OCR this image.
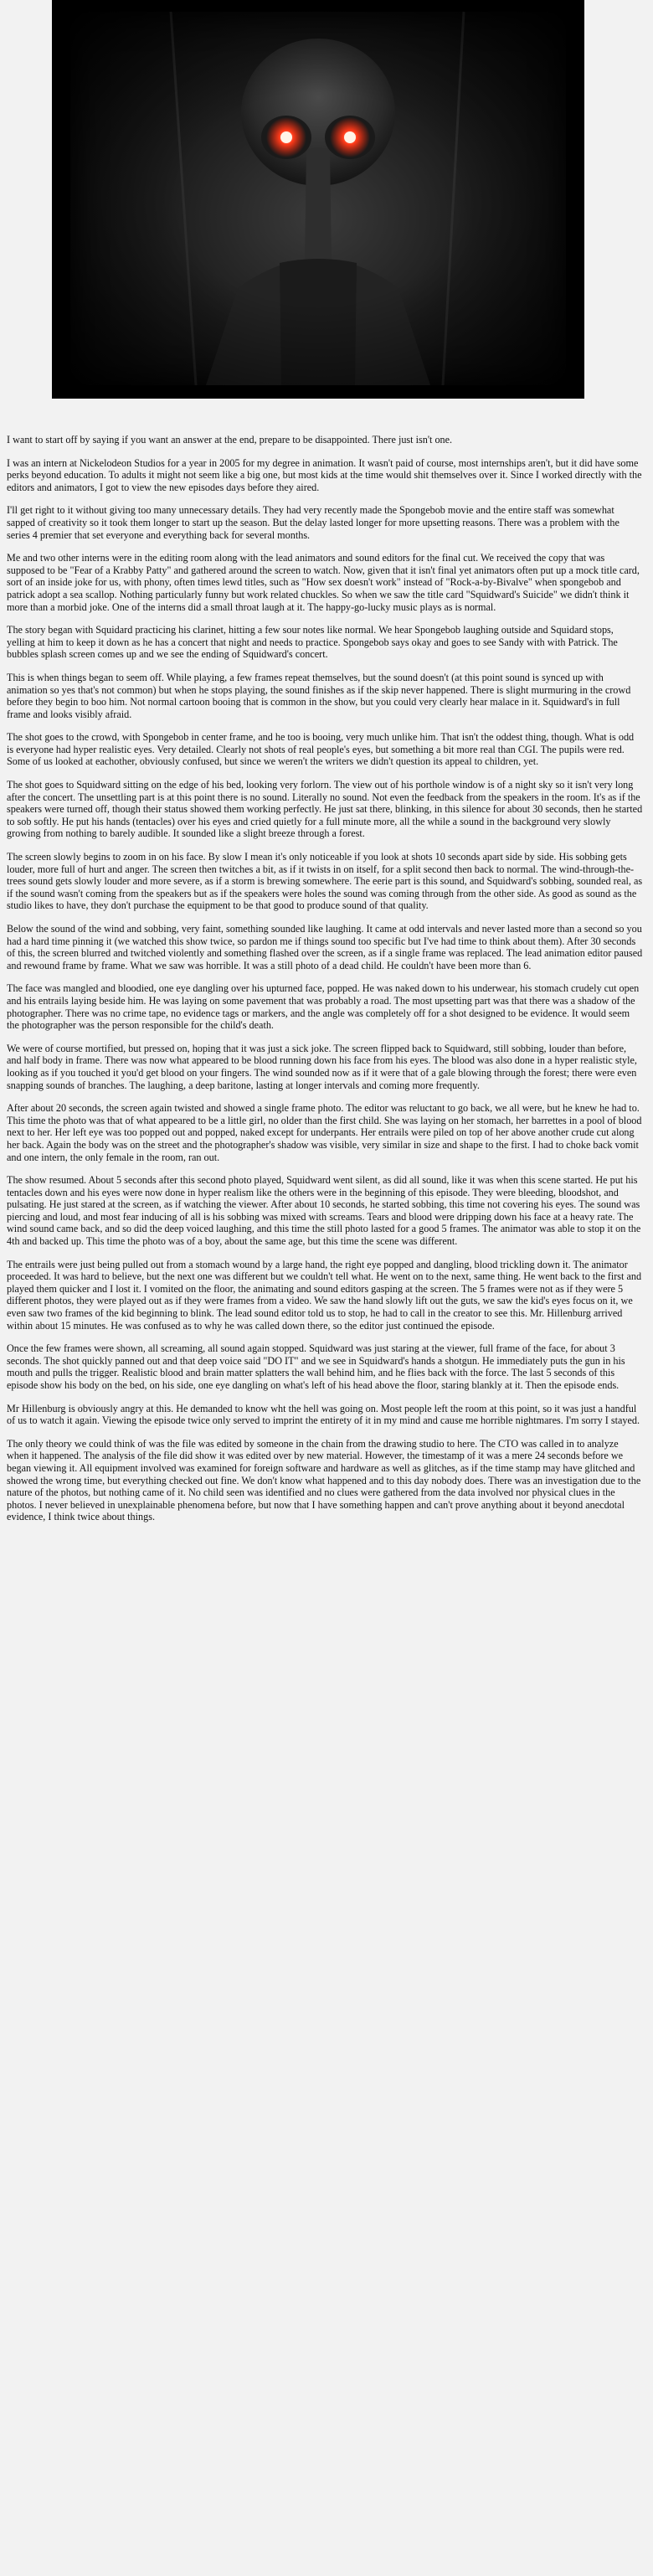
I want to start off by saying if you want an answer at the end, prepare to be disappointed. There just isn't one.

I was an intern at Nickelodeon Studios for a year in 2005 for my degree in animation. It wasn't paid of course, most internships aren't, but it did have some perks beyond education. To adults it might not seem like a big one, but most kids at the time would shit themselves over it. Since I worked directly with the editors and animators, I got to view the new episodes days before they aired.

I'll get right to it without giving too many unnecessary details. They had very recently made the Spongebob movie and the entire staff was somewhat sapped of creativity so it took them longer to start up the season. But the delay lasted longer for more upsetting reasons. There was a problem with the series 4 premier that set everyone and everything back for several months.

Me and two other interns were in the editing room along with the lead animators and sound editors for the final cut. We received the copy that was supposed to be "Fear of a Krabby Patty" and gathered around the screen to watch. Now, given that it isn't final yet animators often put up a mock title card, sort of an inside joke for us, with phony, often times lewd titles, such as "How sex doesn't work" instead of "Rock-a-by-Bivalve" when spongebob and patrick adopt a sea scallop. Nothing particularly funny but work related chuckles. So when we saw the title card "Squidward's Suicide" we didn't think it more than a morbid joke. One of the interns did a small throat laugh at it. The happy-go-lucky music plays as is normal.

The story began with Squidard practicing his clarinet, hitting a few sour notes like normal. We hear Spongebob laughing outside and Squidard stops, yelling at him to keep it down as he has a concert that night and needs to practice. Spongebob says okay and goes to see Sandy with with Patrick. The bubbles splash screen comes up and we see the ending of Squidward's concert.

This is when things began to seem off. While playing, a few frames repeat themselves, but the sound doesn't (at this point sound is synced up with animation so yes that's not common) but when he stops playing, the sound finishes as if the skip never happened. There is slight murmuring in the crowd before they begin to boo him. Not normal cartoon booing that is common in the show, but you could very clearly hear malace in it. Squidward's in full frame and looks visibly afraid.

The shot goes to the crowd, with Spongebob in center frame, and he too is booing, very much unlike him. That isn't the oddest thing, though. What is odd is everyone had hyper realistic eyes. Very detailed. Clearly not shots of real people's eyes, but something a bit more real than CGI. The pupils were red. Some of us looked at eachother, obviously confused, but since we weren't the writers we didn't question its appeal to children, yet.

The shot goes to Squidward sitting on the edge of his bed, looking very forlorn. The view out of his porthole window is of a night sky so it isn't very long after the concert. The unsettling part is at this point there is no sound. Literally no sound. Not even the feedback from the speakers in the room. It's as if the speakers were turned off, though their status showed them working perfectly. He just sat there, blinking, in this silence for about 30 seconds, then he started to sob softly. He put his hands (tentacles) over his eyes and cried quietly for a full minute more, all the while a sound in the background very slowly growing from nothing to barely audible. It sounded like a slight breeze through a forest.

The screen slowly begins to zoom in on his face. By slow I mean it's only noticeable if you look at shots 10 seconds apart side by side. His sobbing gets louder, more full of hurt and anger. The screen then twitches a bit, as if it twists in on itself, for a split second then back to normal. The wind-through-the-trees sound gets slowly louder and more severe, as if a storm is brewing somewhere. The eerie part is this sound, and Squidward's sobbing, sounded real, as if the sound wasn't coming from the speakers but as if the speakers were holes the sound was coming through from the other side. As good as sound as the studio likes to have, they don't purchase the equipment to be that good to produce sound of that quality.

Below the sound of the wind and sobbing, very faint, something sounded like laughing. It came at odd intervals and never lasted more than a second so you had a hard time pinning it (we watched this show twice, so pardon me if things sound too specific but I've had time to think about them). After 30 seconds of this, the screen blurred and twitched violently and something flashed over the screen, as if a single frame was replaced. The lead animation editor paused and rewound frame by frame. What we saw was horrible. It was a still photo of a dead child. He couldn't have been more than 6.

The face was mangled and bloodied, one eye dangling over his upturned face, popped. He was naked down to his underwear, his stomach crudely cut open and his entrails laying beside him. He was laying on some pavement that was probably a road. The most upsetting part was that there was a shadow of the photographer. There was no crime tape, no evidence tags or markers, and the angle was completely off for a shot designed to be evidence. It would seem the photographer was the person responsible for the child's death.

We were of course mortified, but pressed on, hoping that it was just a sick joke. The screen flipped back to Squidward, still sobbing, louder than before, and half body in frame. There was now what appeared to be blood running down his face from his eyes. The blood was also done in a hyper realistic style, looking as if you touched it you'd get blood on your fingers. The wind sounded now as if it were that of a gale blowing through the forest; there were even snapping sounds of branches. The laughing, a deep baritone, lasting at longer intervals and coming more frequently.

After about 20 seconds, the screen again twisted and showed a single frame photo. The editor was reluctant to go back, we all were, but he knew he had to. This time the photo was that of what appeared to be a little girl, no older than the first child. She was laying on her stomach, her barrettes in a pool of blood next to her. Her left eye was too popped out and popped, naked except for underpants. Her entrails were piled on top of her above another crude cut along her back. Again the body was on the street and the photographer's shadow was visible, very similar in size and shape to the first. I had to choke back vomit and one intern, the only female in the room, ran out.

The show resumed. About 5 seconds after this second photo played, Squidward went silent, as did all sound, like it was when this scene started. He put his tentacles down and his eyes were now done in hyper realism like the others were in the beginning of this episode. They were bleeding, bloodshot, and pulsating. He just stared at the screen, as if watching the viewer. After about 10 seconds, he started sobbing, this time not covering his eyes. The sound was piercing and loud, and most fear inducing of all is his sobbing was mixed with screams. Tears and blood were dripping down his face at a heavy rate. The wind sound came back, and so did the deep voiced laughing, and this time the still photo lasted for a good 5 frames. The animator was able to stop it on the 4th and backed up. This time the photo was of a boy, about the same age, but this time the scene was different.

The entrails were just being pulled out from a stomach wound by a large hand, the right eye popped and dangling, blood trickling down it. The animator proceeded. It was hard to believe, but the next one was different but we couldn't tell what. He went on to the next, same thing. He went back to the first and played them quicker and I lost it. I vomited on the floor, the animating and sound editors gasping at the screen. The 5 frames were not as if they were 5 different photos, they were played out as if they were frames from a video. We saw the hand slowly lift out the guts, we saw the kid's eyes focus on it, we even saw two frames of the kid beginning to blink. The lead sound editor told us to stop, he had to call in the creator to see this. Mr. Hillenburg arrived within about 15 minutes. He was confused as to why he was called down there, so the editor just continued the episode.

Once the few frames were shown, all screaming, all sound again stopped. Squidward was just staring at the viewer, full frame of the face, for about 3 seconds. The shot quickly panned out and that deep voice said "DO IT" and we see in Squidward's hands a shotgun. He immediately puts the gun in his mouth and pulls the trigger. Realistic blood and brain matter splatters the wall behind him, and he flies back with the force. The last 5 seconds of this episode show his body on the bed, on his side, one eye dangling on what's left of his head above the floor, staring blankly at it. Then the episode ends.

Mr Hillenburg is obviously angry at this. He demanded to know wht the hell was going on. Most people left the room at this point, so it was just a handful of us to watch it again. Viewing the episode twice only served to imprint the entirety of it in my mind and cause me horrible nightmares. I'm sorry I stayed.

The only theory we could think of was the file was edited by someone in the chain from the drawing studio to here. The CTO was called in to analyze when it happened. The analysis of the file did show it was edited over by new material. However, the timestamp of it was a mere 24 seconds before we began viewing it. All equipment involved was examined for foreign software and hardware as well as glitches, as if the time stamp may have glitched and showed the wrong time, but everything checked out fine. We don't know what happened and to this day nobody does. There was an investigation due to the nature of the photos, but nothing came of it. No child seen was identified and no clues were gathered from the data involved nor physical clues in the photos. I never believed in unexplainable phenomena before, but now that I have something happen and can't prove anything about it beyond anecdotal evidence, I think twice about things.
